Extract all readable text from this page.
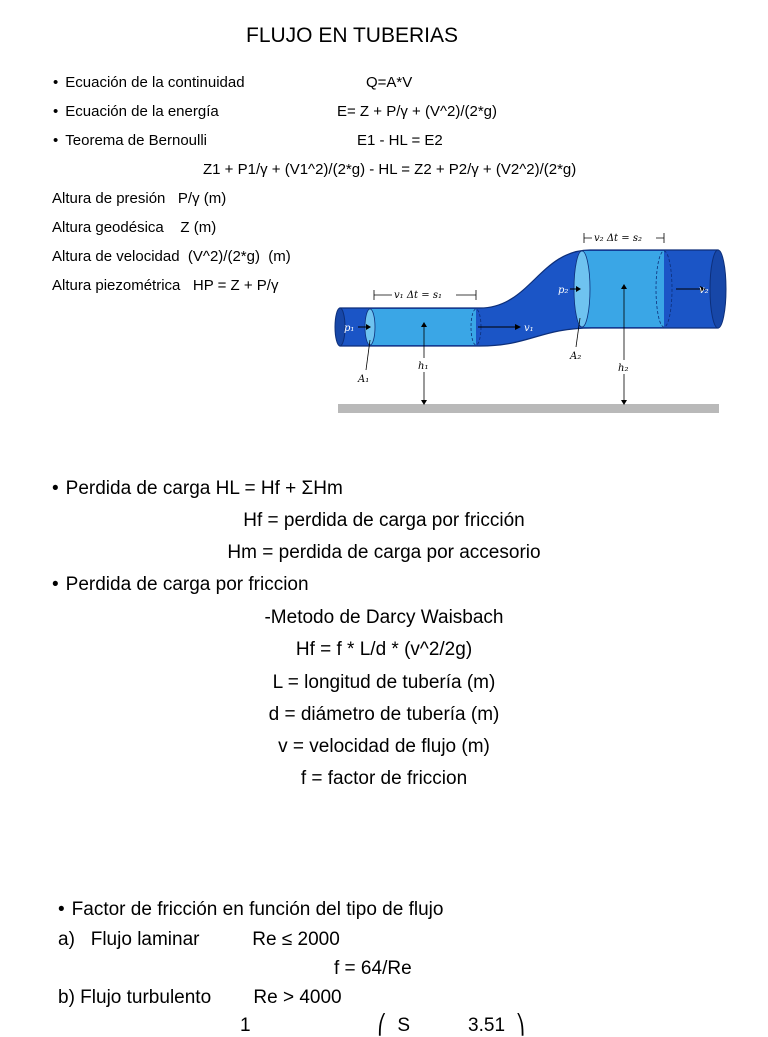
FLUJO EN TUBERIAS
• Ecuación de la continuidad	Q=A*V
• Ecuación de la energía	E= Z + P/γ + (V^2)/(2*g)
• Teorema de Bernoulli	E1 - HL = E2
Z1 + P1/γ + (V1^2)/(2*g) - HL = Z2 + P2/γ + (V2^2)/(2*g)
Altura de presión   P/γ (m)
Altura geodésica    Z (m)
Altura de velocidad  (V^2)/(2*g)  (m)
Altura piezométrica   HP = Z + P/γ
p₁
p₂
v₁
v₂
v₁ Δt = s₁
v₂ Δt = s₂
A₁
A₂
h₁	h₂
• Perdida de carga HL = Hf + ΣHm
Hf = perdida de carga por fricción
Hm = perdida de carga por accesorio
• Perdida de carga por friccion
-Metodo de Darcy Waisbach
Hf = f * L/d * (v^2/2g)
L = longitud de tubería (m)
d = diámetro de tubería (m)
v = velocidad de flujo (m)
f = factor de friccion
• Factor de fricción en función del tipo de flujo
a)   Flujo laminar          Re ≤ 2000
f = 64/Re
b) Flujo turbulento        Re > 4000
1                        ⎛  S           3.51  ⎞
